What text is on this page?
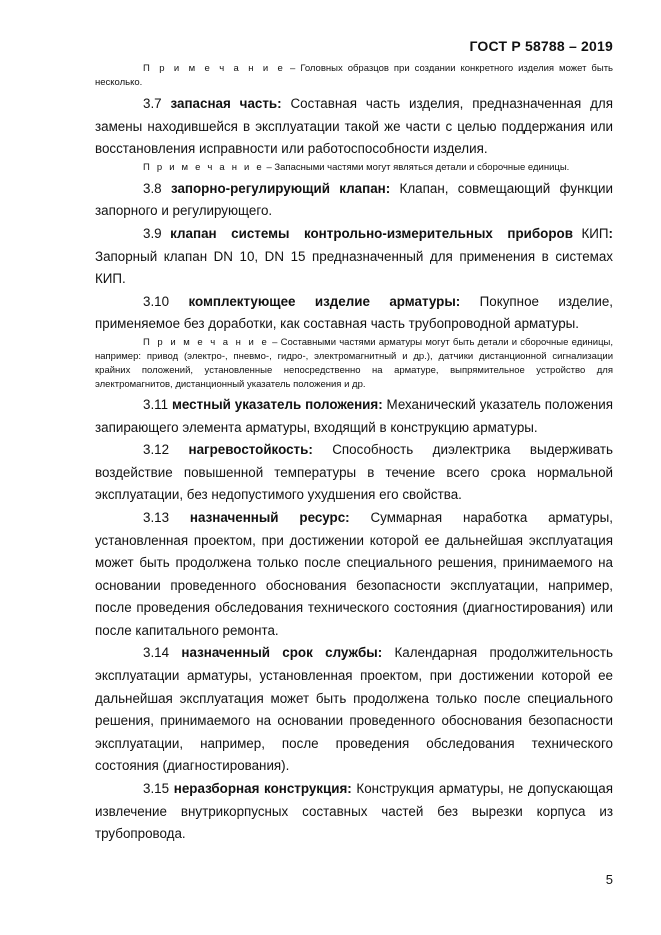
ГОСТ Р 58788 – 2019

П р и м е ч а н и е – Головных образцов при создании конкретного изделия может быть несколько.

3.7 запасная часть: Составная часть изделия, предназначенная для замены находившейся в эксплуатации такой же части с целью поддержания или восстановления исправности или работоспособности изделия.

П р и м е ч а н и е – Запасными частями могут являться детали и сборочные единицы.

3.8 запорно-регулирующий клапан: Клапан, совмещающий функции запорного и регулирующего.

3.9 клапан системы контрольно-измерительных приборов КИП: Запорный клапан DN 10, DN 15 предназначенный для применения в системах КИП.

3.10 комплектующее изделие арматуры: Покупное изделие, применяемое без доработки, как составная часть трубопроводной арматуры.

П р и м е ч а н и е – Составными частями арматуры могут быть детали и сборочные единицы, например: привод (электро-, пневмо-, гидро-, электромагнитный и др.), датчики дистанционной сигнализации крайних положений, установленные непосредственно на арматуре, выпрямительное устройство для электромагнитов, дистанционный указатель положения и др.

3.11 местный указатель положения: Механический указатель положения запирающего элемента арматуры, входящий в конструкцию арматуры.

3.12 нагревостойкость: Способность диэлектрика выдерживать воздействие повышенной температуры в течение всего срока нормальной эксплуатации, без недопустимого ухудшения его свойства.

3.13 назначенный ресурс: Суммарная наработка арматуры, установленная проектом, при достижении которой ее дальнейшая эксплуатация может быть продолжена только после специального решения, принимаемого на основании проведенного обоснования безопасности эксплуатации, например, после проведения обследования технического состояния (диагностирования) или после капитального ремонта.

3.14 назначенный срок службы: Календарная продолжительность эксплуатации арматуры, установленная проектом, при достижении которой ее дальнейшая эксплуатация может быть продолжена только после специального решения, принимаемого на основании проведенного обоснования безопасности эксплуатации, например, после проведения обследования технического состояния (диагностирования).

3.15 неразборная конструкция: Конструкция арматуры, не допускающая извлечение внутрикорпусных составных частей без вырезки корпуса из трубопровода.

5
